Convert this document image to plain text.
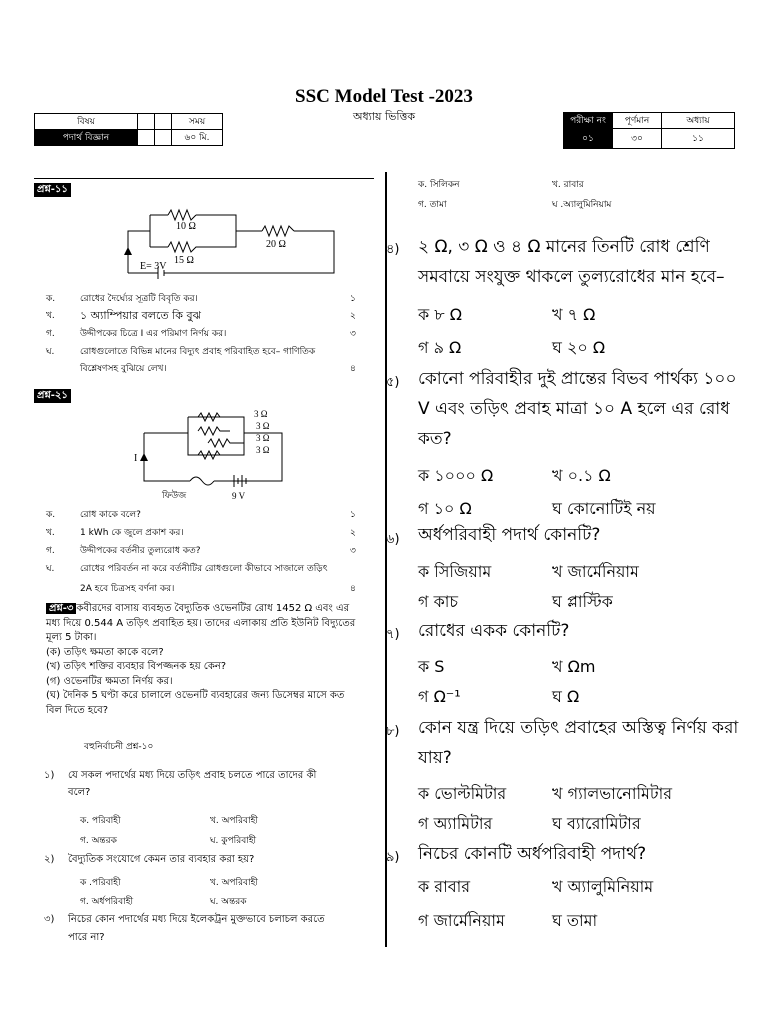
SSC Model Test -2023
অধ্যায় ভিত্তিক
বিষয়			সময়
পদার্থ বিজ্ঞান			৬০ মি.
পরীক্ষা নং	পূর্ণমান	অধ্যায়
০১	৩০	১১
প্রশ্ন-১১
10 Ω
15 Ω
20 Ω
E= 3V
ক.	রোধের দৈর্ঘ্যের সূত্রটি বিবৃতি কর।	১
খ. ১ অ্যাম্পিয়ার বলতে কি বুঝ	২
গ.	উদ্দীপকের চিত্রে I এর পরিমাণ নির্ণয় কর।	৩
ঘ.	রোধগুলোতে বিভিন্ন মানের বিদ্যুৎ প্রবাহ পরিবাহিত হবে– গাণিতিক
বিশ্লেষণসহ বুঝিয়ে লেখ।	৪
প্রশ্ন-২১
3 Ω
3 Ω
3 Ω
3 Ω
I
9 V
ফিউজ
ক.	রোধ কাকে বলে?	১
খ.	1 kWh কে জুলে প্রকাশ কর।	২
গ.	উদ্দীপকের বর্তনীর তুল্যরোধ কত?	৩
ঘ.	রোধের পরিবর্তন না করে বর্তনীটির রোধগুলো কীভাবে সাজালে তড়িৎ
2A হবে চিত্রসহ বর্ণনা কর।	৪
প্রশ্ন-৩ কবীরদের বাসায় ব্যবহৃত বৈদ্যুতিক ওভেনটির রোধ 1452 Ω এবং এর
মধ্য দিয়ে 0.544 A তড়িৎ প্রবাহিত হয়। তাদের এলাকায় প্রতি ইউনিট বিদ্যুতের
মূল্য 5 টাকা।
(ক) তড়িৎ ক্ষমতা কাকে বলে?
(খ) তড়িৎ শক্তির ব্যবহার বিপজ্জনক হয় কেন?
(গ) ওভেনটির ক্ষমতা নির্ণয় কর।
(ঘ) দৈনিক 5 ঘণ্টা করে চালালে ওভেনটি ব্যবহারের জন্য ডিসেম্বর মাসে কত
বিল দিতে হবে?
বহুনির্বাচনী প্রশ্ন-১০
১) যে সকল পদার্থের মধ্য দিয়ে তড়িৎ প্রবাহ চলতে পারে তাদের কী
বলে?
ক. পরিবাহী	খ. অপরিবাহী
গ. অন্তরক	ঘ. কুপরিবাহী
২)	বৈদ্যুতিক সংযোগে কেমন তার ব্যবহার করা হয়?
ক .পরিবাহী	খ. অপরিবাহী
গ. অর্ধপরিবাহী	ঘ. অন্তরক
৩) নিচের কোন পদার্থের মধ্য দিয়ে ইলেকট্রন মুক্তভাবে চলাচল করতে
পারে না?
ক. সিলিকন	খ. রাবার
গ. তামা	ঘ .অ্যালুমিনিয়াম
৪) ২ Ω, ৩ Ω ও ৪ Ω মানের তিনটি রোধ শ্রেণি
সমবায়ে সংযুক্ত থাকলে তুল্যরোধের মান হবে–
ক ৮ Ω	খ ৭ Ω
গ ৯ Ω	ঘ ২০ Ω
৫) কোনো পরিবাহীর দুই প্রান্তের বিভব পার্থক্য ১০০
V এবং তড়িৎ প্রবাহ মাত্রা ১০ A হলে এর রোধ
কত?
ক ১০০০ Ω	খ ০.১ Ω
গ ১০ Ω	ঘ কোনোটিই নয়
৬) অর্ধপরিবাহী পদার্থ কোনটি?
ক সিজিয়াম	খ জার্মেনিয়াম
গ কাচ	ঘ প্লাস্টিক
৭) রোধের একক কোনটি?
ক S	খ Ωm
গ Ω⁻¹	ঘ Ω
৮) কোন যন্ত্র দিয়ে তড়িৎ প্রবাহের অস্তিত্ব নির্ণয় করা
যায়?
ক ভোল্টমিটার	খ গ্যালভানোমিটার
গ অ্যামিটার	ঘ ব্যারোমিটার
৯) নিচের কোনটি অর্ধপরিবাহী পদার্থ?
ক রাবার	খ অ্যালুমিনিয়াম
গ জার্মেনিয়াম	ঘ তামা
